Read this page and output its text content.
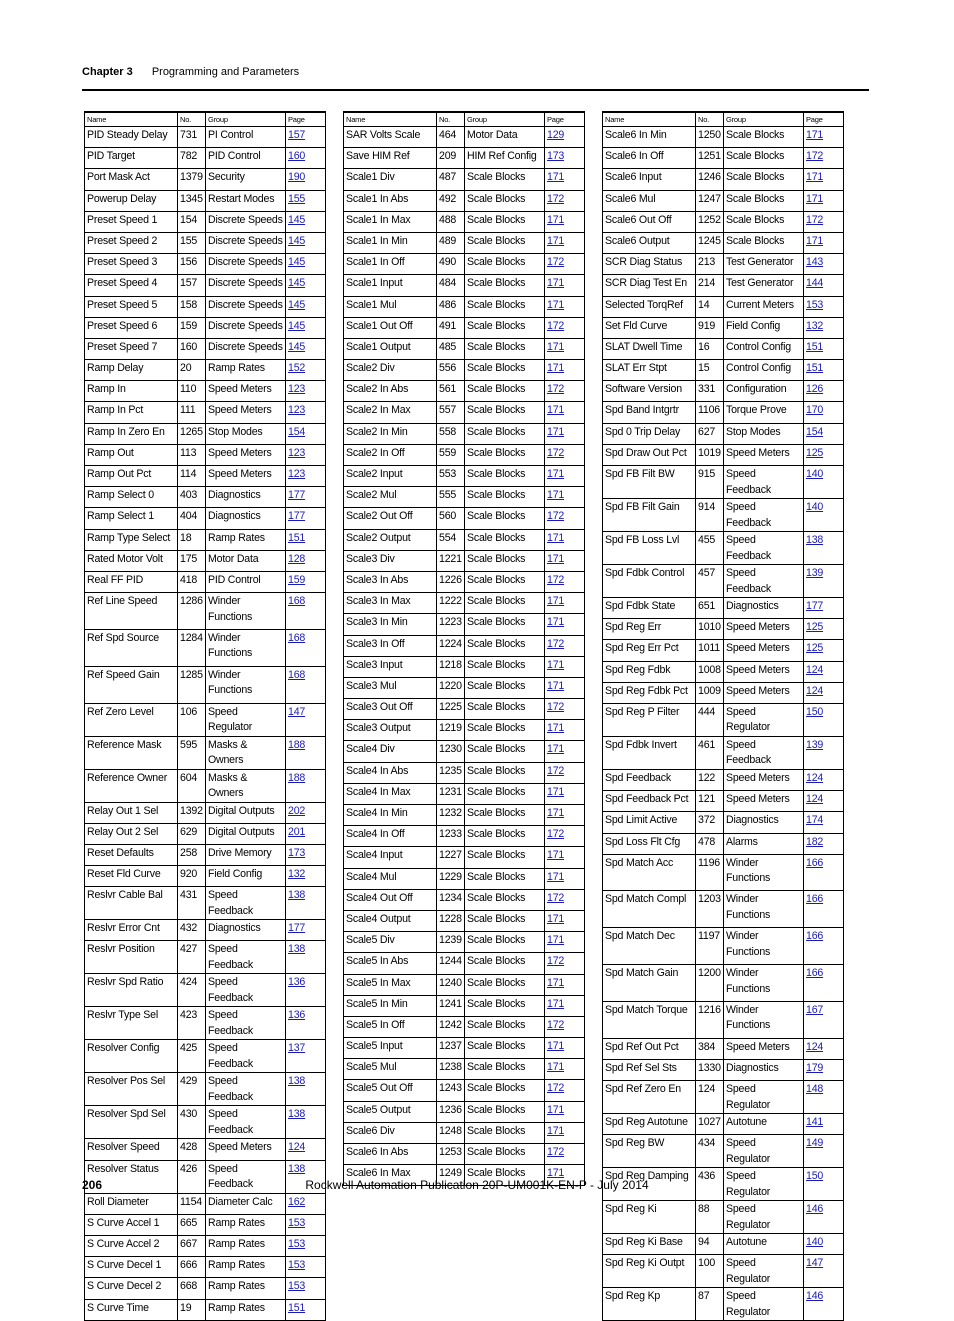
Chapter 3 Programming and Parameters
Name	No.	Group	Page
PID Steady Delay	731	PI Control	157
PID Target	782	PID Control	160
Port Mask Act	1379	Security	190
Powerup Delay	1345	Restart Modes	155
Preset Speed 1	154	Discrete Speeds	145
Preset Speed 2	155	Discrete Speeds	145
Preset Speed 3	156	Discrete Speeds	145
Preset Speed 4	157	Discrete Speeds	145
Preset Speed 5	158	Discrete Speeds	145
Preset Speed 6	159	Discrete Speeds	145
Preset Speed 7	160	Discrete Speeds	145
Ramp Delay	20	Ramp Rates	152
Ramp In	110	Speed Meters	123
Ramp In Pct	111	Speed Meters	123
Ramp In Zero En	1265	Stop Modes	154
Ramp Out	113	Speed Meters	123
Ramp Out Pct	114	Speed Meters	123
Ramp Select 0	403	Diagnostics	177
Ramp Select 1	404	Diagnostics	177
Ramp Type Select	18	Ramp Rates	151
Rated Motor Volt	175	Motor Data	128
Real FF PID	418	PID Control	159
Ref Line Speed	1286	Winder Functions	168
Ref Spd Source	1284	Winder Functions	168
Ref Speed Gain	1285	Winder Functions	168
Ref Zero Level	106	Speed Regulator	147
Reference Mask	595	Masks & Owners	188
Reference Owner	604	Masks & Owners	188
Relay Out 1 Sel	1392	Digital Outputs	202
Relay Out 2 Sel	629	Digital Outputs	201
Reset Defaults	258	Drive Memory	173
Reset Fld Curve	920	Field Config	132
Reslvr Cable Bal	431	Speed Feedback	138
Reslvr Error Cnt	432	Diagnostics	177
Reslvr Position	427	Speed Feedback	138
Reslvr Spd Ratio	424	Speed Feedback	136
Reslvr Type Sel	423	Speed Feedback	136
Resolver Config	425	Speed Feedback	137
Resolver Pos Sel	429	Speed Feedback	138
Resolver Spd Sel	430	Speed Feedback	138
Resolver Speed	428	Speed Meters	124
Resolver Status	426	Speed Feedback	138
Roll Diameter	1154	Diameter Calc	162
S Curve Accel 1	665	Ramp Rates	153
S Curve Accel 2	667	Ramp Rates	153
S Curve Decel 1	666	Ramp Rates	153
S Curve Decel 2	668	Ramp Rates	153
S Curve Time	19	Ramp Rates	151
Name	No.	Group	Page
SAR Volts Scale	464	Motor Data	129
Save HIM Ref	209	HIM Ref Config	173
Scale1 Div	487	Scale Blocks	171
Scale1 In Abs	492	Scale Blocks	172
Scale1 In Max	488	Scale Blocks	171
Scale1 In Min	489	Scale Blocks	171
Scale1 In Off	490	Scale Blocks	172
Scale1 Input	484	Scale Blocks	171
Scale1 Mul	486	Scale Blocks	171
Scale1 Out Off	491	Scale Blocks	172
Scale1 Output	485	Scale Blocks	171
Scale2 Div	556	Scale Blocks	171
Scale2 In Abs	561	Scale Blocks	172
Scale2 In Max	557	Scale Blocks	171
Scale2 In Min	558	Scale Blocks	171
Scale2 In Off	559	Scale Blocks	172
Scale2 Input	553	Scale Blocks	171
Scale2 Mul	555	Scale Blocks	171
Scale2 Out Off	560	Scale Blocks	172
Scale2 Output	554	Scale Blocks	171
Scale3 Div	1221	Scale Blocks	171
Scale3 In Abs	1226	Scale Blocks	172
Scale3 In Max	1222	Scale Blocks	171
Scale3 In Min	1223	Scale Blocks	171
Scale3 In Off	1224	Scale Blocks	172
Scale3 Input	1218	Scale Blocks	171
Scale3 Mul	1220	Scale Blocks	171
Scale3 Out Off	1225	Scale Blocks	172
Scale3 Output	1219	Scale Blocks	171
Scale4 Div	1230	Scale Blocks	171
Scale4 In Abs	1235	Scale Blocks	172
Scale4 In Max	1231	Scale Blocks	171
Scale4 In Min	1232	Scale Blocks	171
Scale4 In Off	1233	Scale Blocks	172
Scale4 Input	1227	Scale Blocks	171
Scale4 Mul	1229	Scale Blocks	171
Scale4 Out Off	1234	Scale Blocks	172
Scale4 Output	1228	Scale Blocks	171
Scale5 Div	1239	Scale Blocks	171
Scale5 In Abs	1244	Scale Blocks	172
Scale5 In Max	1240	Scale Blocks	171
Scale5 In Min	1241	Scale Blocks	171
Scale5 In Off	1242	Scale Blocks	172
Scale5 Input	1237	Scale Blocks	171
Scale5 Mul	1238	Scale Blocks	171
Scale5 Out Off	1243	Scale Blocks	172
Scale5 Output	1236	Scale Blocks	171
Scale6 Div	1248	Scale Blocks	171
Scale6 In Abs	1253	Scale Blocks	172
Scale6 In Max	1249	Scale Blocks	171
Name	No.	Group	Page
Scale6 In Min	1250	Scale Blocks	171
Scale6 In Off	1251	Scale Blocks	172
Scale6 Input	1246	Scale Blocks	171
Scale6 Mul	1247	Scale Blocks	171
Scale6 Out Off	1252	Scale Blocks	172
Scale6 Output	1245	Scale Blocks	171
SCR Diag Status	213	Test Generator	143
SCR Diag Test En	214	Test Generator	144
Selected TorqRef	14	Current Meters	153
Set Fld Curve	919	Field Config	132
SLAT Dwell Time	16	Control Config	151
SLAT Err Stpt	15	Control Config	151
Software Version	331	Configuration	126
Spd Band Intgrtr	1106	Torque Prove	170
Spd 0 Trip Delay	627	Stop Modes	154
Spd Draw Out Pct	1019	Speed Meters	125
Spd FB Filt BW	915	Speed Feedback	140
Spd FB Filt Gain	914	Speed Feedback	140
Spd FB Loss Lvl	455	Speed Feedback	138
Spd Fdbk Control	457	Speed Feedback	139
Spd Fdbk State	651	Diagnostics	177
Spd Reg Err	1010	Speed Meters	125
Spd Reg Err Pct	1011	Speed Meters	125
Spd Reg Fdbk	1008	Speed Meters	124
Spd Reg Fdbk Pct	1009	Speed Meters	124
Spd Reg P Filter	444	Speed Regulator	150
Spd Fdbk Invert	461	Speed Feedback	139
Spd Feedback	122	Speed Meters	124
Spd Feedback Pct	121	Speed Meters	124
Spd Limit Active	372	Diagnostics	174
Spd Loss Flt Cfg	478	Alarms	182
Spd Match Acc	1196	Winder Functions	166
Spd Match Compl	1203	Winder Functions	166
Spd Match Dec	1197	Winder Functions	166
Spd Match Gain	1200	Winder Functions	166
Spd Match Torque	1216	Winder Functions	167
Spd Ref Out Pct	384	Speed Meters	124
Spd Ref Sel Sts	1330	Diagnostics	179
Spd Ref Zero En	124	Speed Regulator	148
Spd Reg Autotune	1027	Autotune	141
Spd Reg BW	434	Speed Regulator	149
Spd Reg Damping	436	Speed Regulator	150
Spd Reg Ki	88	Speed Regulator	146
Spd Reg Ki Base	94	Autotune	140
Spd Reg Ki Outpt	100	Speed Regulator	147
Spd Reg Kp	87	Speed Regulator	146
206	Rockwell Automation Publication 20P-UM001K-EN-P - July 2014
